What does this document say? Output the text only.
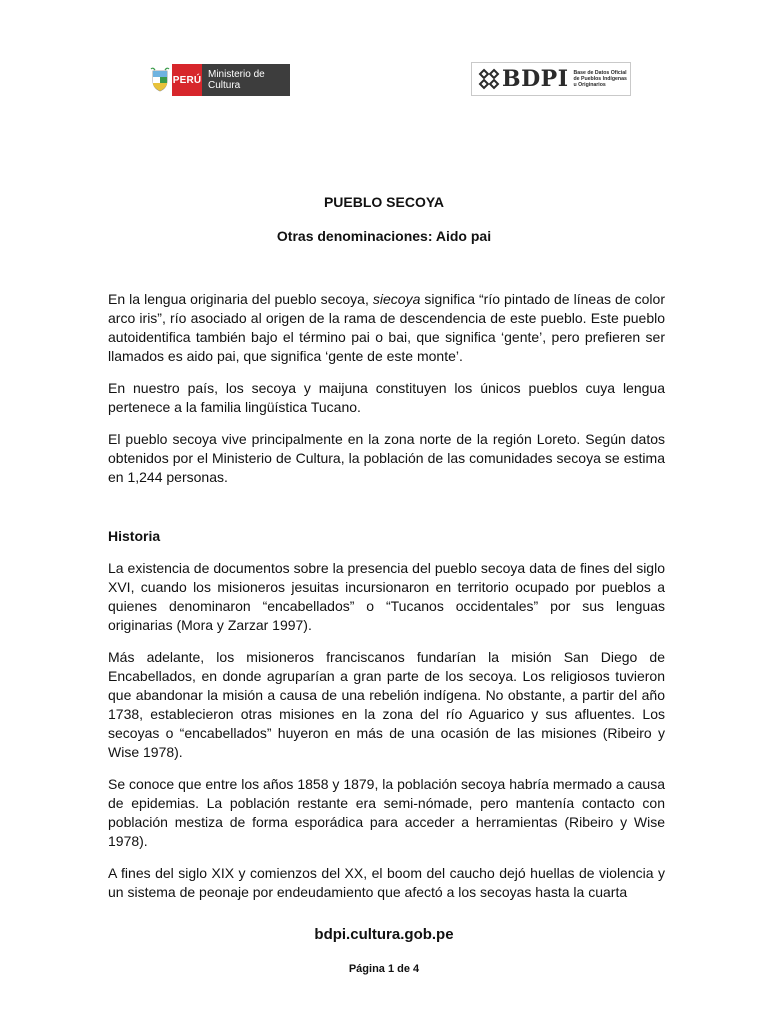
PERÚ Ministerio de Cultura	BDPI Base de Datos Oficial
de Pueblos Indígenas
u Originarios
PUEBLO SECOYA
Otras denominaciones: Aido pai

En la lengua originaria del pueblo secoya, siecoya significa “río pintado de líneas de color arco iris”, río asociado al origen de la rama de descendencia de este pueblo. Este pueblo autoidentifica también bajo el término pai o bai, que significa ‘gente’, pero prefieren ser llamados es aido pai, que significa ‘gente de este monte’.

En nuestro país, los secoya y maijuna constituyen los únicos pueblos cuya lengua pertenece a la familia lingüística Tucano.

El pueblo secoya vive principalmente en la zona norte de la región Loreto. Según datos obtenidos por el Ministerio de Cultura, la población de las comunidades secoya se estima en 1,244 personas.

Historia

La existencia de documentos sobre la presencia del pueblo secoya data de fines del siglo XVI, cuando los misioneros jesuitas incursionaron en territorio ocupado por pueblos a quienes denominaron “encabellados” o “Tucanos occidentales” por sus lenguas originarias (Mora y Zarzar 1997).

Más adelante, los misioneros franciscanos fundarían la misión San Diego de Encabellados, en donde agruparían a gran parte de los secoya. Los religiosos tuvieron que abandonar la misión a causa de una rebelión indígena. No obstante, a partir del año 1738, establecieron otras misiones en la zona del río Aguarico y sus afluentes. Los secoyas o “encabellados” huyeron en más de una ocasión de las misiones (Ribeiro y Wise 1978).

Se conoce que entre los años 1858 y 1879, la población secoya habría mermado a causa de epidemias. La población restante era semi-nómade, pero mantenía contacto con población mestiza de forma esporádica para acceder a herramientas (Ribeiro y Wise 1978).

A fines del siglo XIX y comienzos del XX, el boom del caucho dejó huellas de violencia y un sistema de peonaje por endeudamiento que afectó a los secoyas hasta la cuarta

bdpi.cultura.gob.pe
Página 1 de 4
